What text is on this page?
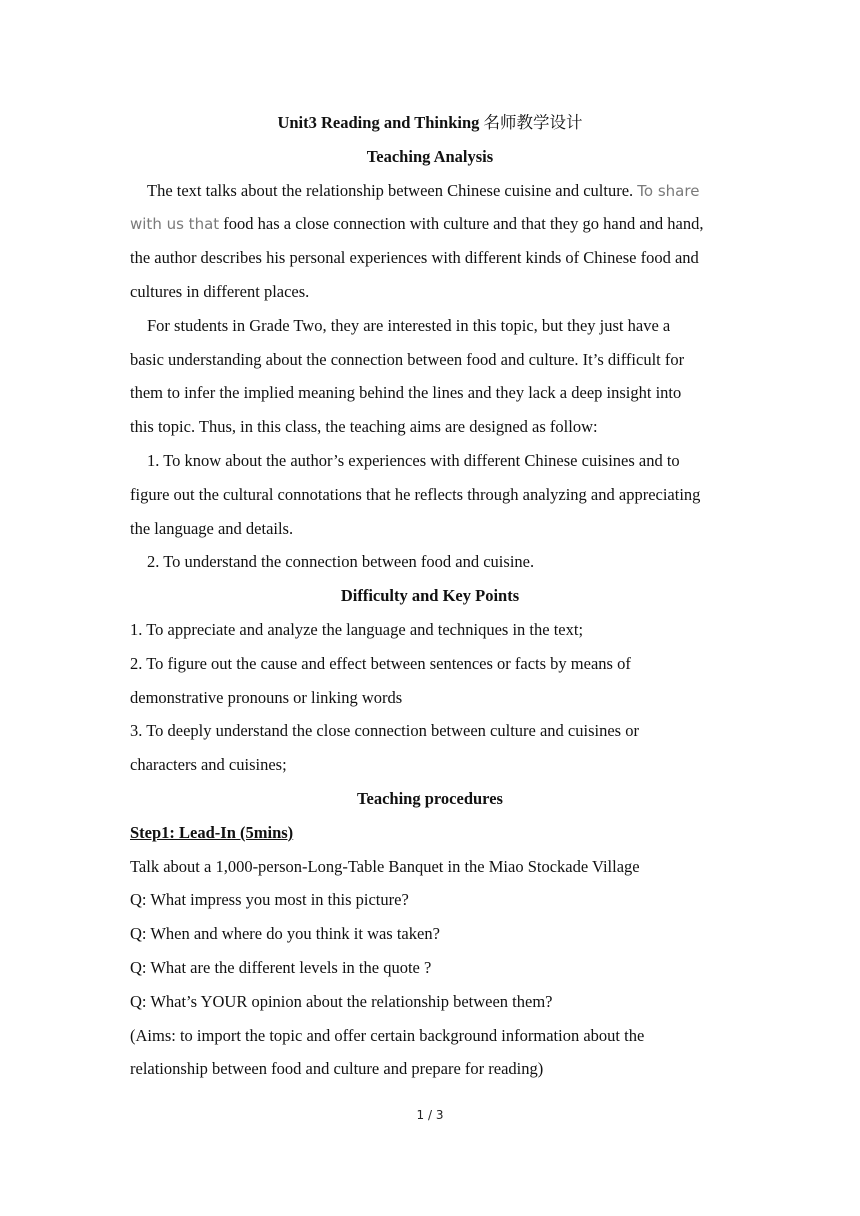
Unit3 Reading and Thinking 名师教学设计
Teaching Analysis
The text talks about the relationship between Chinese cuisine and culture. To share
with us that food has a close connection with culture and that they go hand and hand,
the author describes his personal experiences with different kinds of Chinese food and
cultures in different places.
For students in Grade Two, they are interested in this topic, but they just have a
basic understanding about the connection between food and culture. It’s difficult for
them to infer the implied meaning behind the lines and they lack a deep insight into
this topic. Thus, in this class, the teaching aims are designed as follow:
1. To know about the author’s experiences with different Chinese cuisines and to
figure out the cultural connotations that he reflects through analyzing and appreciating
the language and details.
2. To understand the connection between food and cuisine.
Difficulty and Key Points
1. To appreciate and analyze the language and techniques in the text;
2. To figure out the cause and effect between sentences or facts by means of
demonstrative pronouns or linking words
3. To deeply understand the close connection between culture and cuisines or
characters and cuisines;
Teaching procedures
Step1: Lead-In (5mins)
Talk about a 1,000-person-Long-Table Banquet in the Miao Stockade Village
Q: What impress you most in this picture?
Q: When and where do you think it was taken?
Q: What are the different levels in the quote ?
Q: What’s YOUR opinion about the relationship between them?
(Aims: to import the topic and offer certain background information about the
relationship between food and culture and prepare for reading)
1 / 3
